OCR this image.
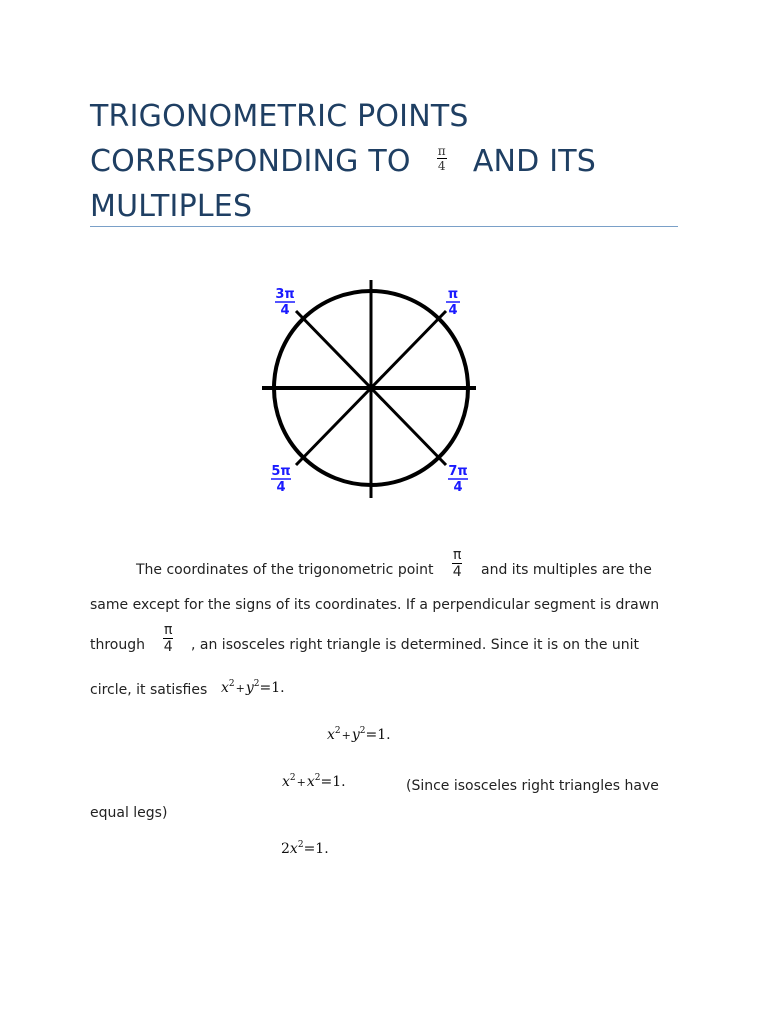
TRIGONOMETRIC POINTS
CORRESPONDING TO $\frac{\pi}{4}$ AND ITS
MULTIPLES
3π
4
π
4
5π
4
7π
4
The coordinates of the trigonometric point $\frac{\pi}{4}$ and its multiples are the
same except for the signs of its coordinates. If a perpendicular segment is drawn
through $\frac{\pi}{4}$ , an isosceles right triangle is determined. Since it is on the unit
circle, it satisfies $x^2+y^2=1$.
$x^2+y^2=1$.
$x^2+x^2=1$.	(Since isosceles right triangles have
equal legs)
$2x^2=1$.
